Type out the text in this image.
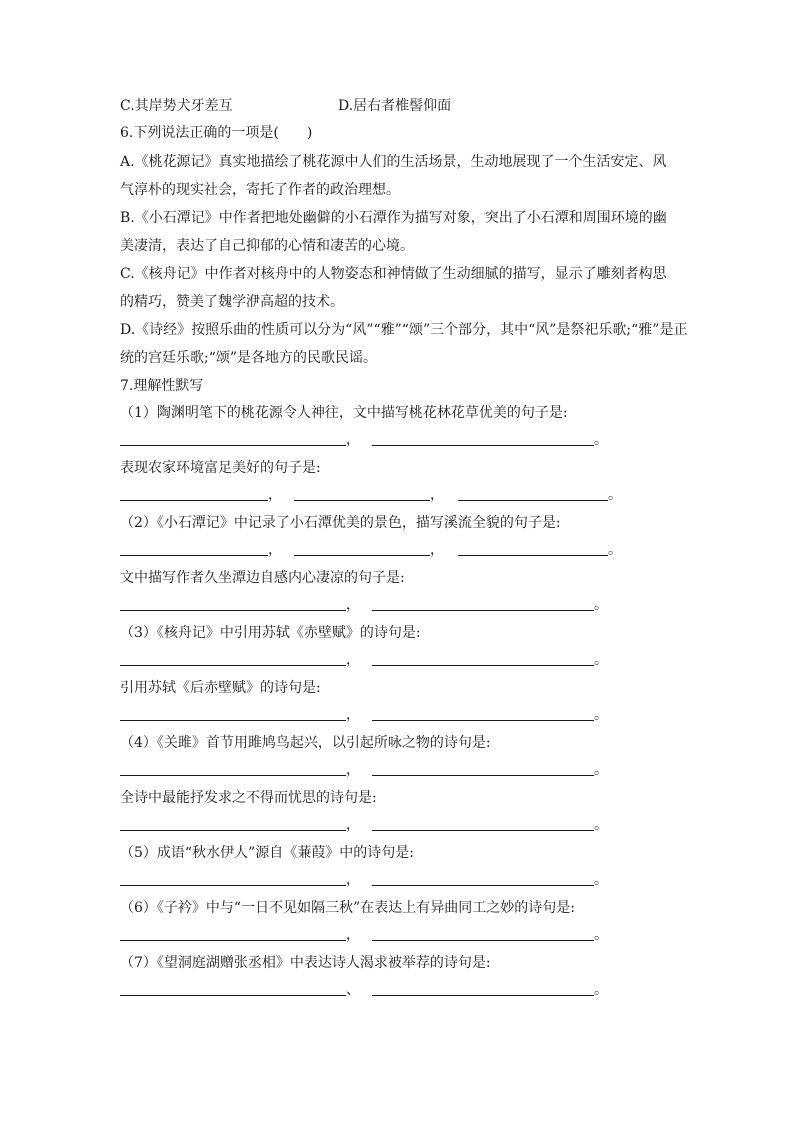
C.其岸势犬牙差互	D.居右者椎髻仰面
6.下列说法正确的一项是(　　)
A.《桃花源记》真实地描绘了桃花源中人们的生活场景，生动地展现了一个生活安定、风
气淳朴的现实社会，寄托了作者的政治理想。
B.《小石潭记》中作者把地处幽僻的小石潭作为描写对象，突出了小石潭和周围环境的幽
美凄清，表达了自己抑郁的心情和凄苦的心境。
C.《核舟记》中作者对核舟中的人物姿态和神情做了生动细腻的描写，显示了雕刻者构思
的精巧，赞美了魏学洢高超的技术。
D.《诗经》按照乐曲的性质可以分为“风”“雅”“颂”三个部分，其中“风”是祭祀乐歌;“雅”是正
统的宫廷乐歌;“颂”是各地方的民歌民谣。
7.理解性默写
（1）陶渊明笔下的桃花源令人神往，文中描写桃花林花草优美的句子是:
，	。
表现农家环境富足美好的句子是:
，	，	。
（2）《小石潭记》中记录了小石潭优美的景色，描写溪流全貌的句子是:
，	，	。
文中描写作者久坐潭边自感内心凄凉的句子是:
，	。
（3）《核舟记》中引用苏轼《赤壁赋》的诗句是:
，	。
引用苏轼《后赤壁赋》的诗句是:
，	。
（4）《关雎》首节用雎鸠鸟起兴，以引起所咏之物的诗句是:
，	。
全诗中最能抒发求之不得而忧思的诗句是:
，	。
（5）成语“秋水伊人”源自《蒹葭》中的诗句是:
，	。
（6）《子衿》中与“一日不见如隔三秋”在表达上有异曲同工之妙的诗句是:
，	。
（7）《望洞庭湖赠张丞相》中表达诗人渴求被举荐的诗句是:
、	。
